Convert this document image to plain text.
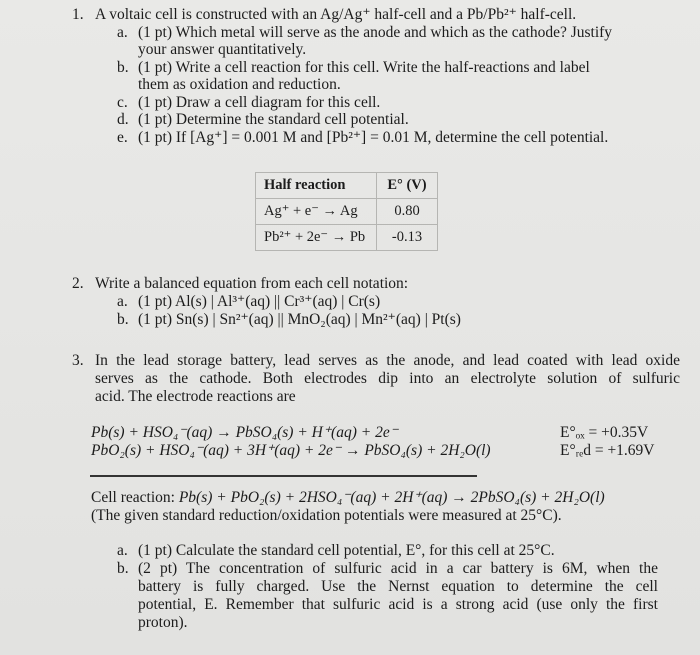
1. A voltaic cell is constructed with an Ag/Ag⁺ half-cell and a Pb/Pb²⁺ half-cell.
a. (1 pt) Which metal will serve as the anode and which as the cathode? Justify
your answer quantitatively.
b. (1 pt) Write a cell reaction for this cell. Write the half-reactions and label
them as oxidation and reduction.
c. (1 pt) Draw a cell diagram for this cell.
d. (1 pt) Determine the standard cell potential.
e. (1 pt) If [Ag⁺] = 0.001 M and [Pb²⁺] = 0.01 M, determine the cell potential.
Half reaction	E° (V)
Ag⁺ + e⁻ → Ag	0.80
Pb²⁺ + 2e⁻ → Pb	-0.13
2. Write a balanced equation from each cell notation:
a. (1 pt) Al(s) | Al³⁺(aq) || Cr³⁺(aq) | Cr(s)
b. (1 pt) Sn(s) | Sn²⁺(aq) || MnO₂(aq) | Mn²⁺(aq) | Pt(s)
3. In the lead storage battery, lead serves as the anode, and lead coated with lead oxide
serves as the cathode. Both electrodes dip into an electrolyte solution of sulfuric
acid. The electrode reactions are
Pb(s) + HSO₄⁻(aq) → PbSO₄(s) + H⁺(aq) + 2e⁻	E°ₒₓ = +0.35V
PbO₂(s) + HSO₄⁻(aq) + 3H⁺(aq) + 2e⁻ → PbSO₄(s) + 2H₂O(l)	E°ᵣₑd = +1.69V
Cell reaction: Pb(s) + PbO₂(s) + 2HSO₄⁻(aq) + 2H⁺(aq) → 2PbSO₄(s) + 2H₂O(l)
(The given standard reduction/oxidation potentials were measured at 25°C).
a. (1 pt) Calculate the standard cell potential, E°, for this cell at 25°C.
b. (2 pt) The concentration of sulfuric acid in a car battery is 6M, when the
battery is fully charged. Use the Nernst equation to determine the cell
potential, E. Remember that sulfuric acid is a strong acid (use only the first
proton).
